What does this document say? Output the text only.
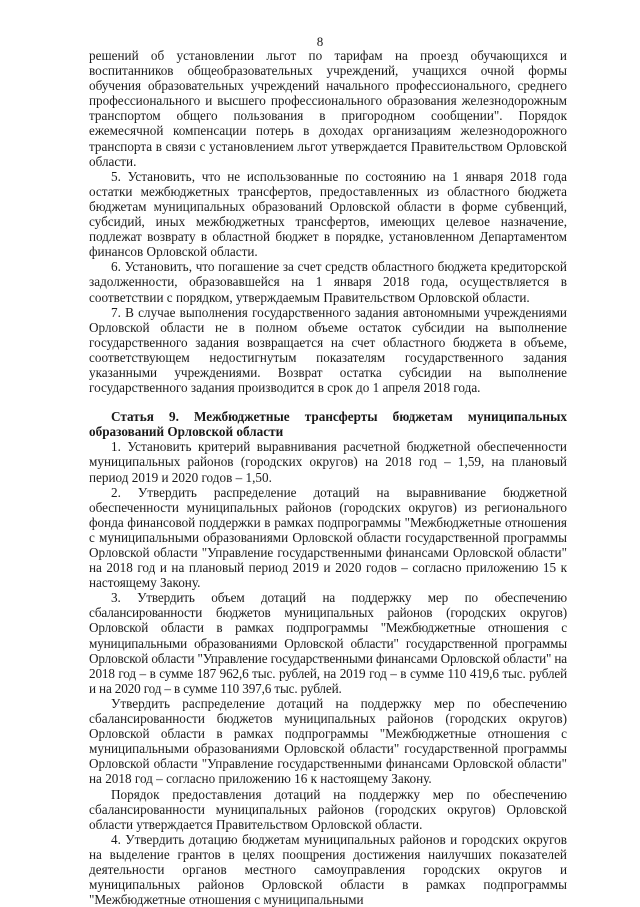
8

решений об установлении льгот по тарифам на проезд обучающихся и воспитанников общеобразовательных учреждений, учащихся очной формы обучения образовательных учреждений начального профессионального, среднего профессионального и высшего профессионального образования железнодорожным транспортом общего пользования в пригородном сообщении". Порядок ежемесячной компенсации потерь в доходах организациям железнодорожного транспорта в связи с установлением льгот утверждается Правительством Орловской области.

5. Установить, что не использованные по состоянию на 1 января 2018 года остатки межбюджетных трансфертов, предоставленных из областного бюджета бюджетам муниципальных образований Орловской области в форме субвенций, субсидий, иных межбюджетных трансфертов, имеющих целевое назначение, подлежат возврату в областной бюджет в порядке, установленном Департаментом финансов Орловской области.

6. Установить, что погашение за счет средств областного бюджета кредиторской задолженности, образовавшейся на 1 января 2018 года, осуществляется в соответствии с порядком, утверждаемым Правительством Орловской области.

7. В случае выполнения государственного задания автономными учреждениями Орловской области не в полном объеме остаток субсидии на выполнение государственного задания возвращается на счет областного бюджета в объеме, соответствующем недостигнутым показателям государственного задания указанными учреждениями. Возврат остатка субсидии на выполнение государственного задания производится в срок до 1 апреля 2018 года.

Статья 9. Межбюджетные трансферты бюджетам муниципальных образований Орловской области

1. Установить критерий выравнивания расчетной бюджетной обеспеченности муниципальных районов (городских округов) на 2018 год – 1,59, на плановый период 2019 и 2020 годов – 1,50.

2. Утвердить распределение дотаций на выравнивание бюджетной обеспеченности муниципальных районов (городских округов) из регионального фонда финансовой поддержки в рамках подпрограммы "Межбюджетные отношения с муниципальными образованиями Орловской области государственной программы Орловской области "Управление государственными финансами Орловской области" на 2018 год и на плановый период 2019 и 2020 годов – согласно приложению 15 к настоящему Закону.

3. Утвердить объем дотаций на поддержку мер по обеспечению сбалансированности бюджетов муниципальных районов (городских округов) Орловской области в рамках подпрограммы "Межбюджетные отношения с муниципальными образованиями Орловской области" государственной программы Орловской области "Управление государственными финансами Орловской области" на 2018 год – в сумме 187 962,6 тыс. рублей, на 2019 год – в сумме 110 419,6 тыс. рублей и на 2020 год – в сумме 110 397,6 тыс. рублей.

Утвердить распределение дотаций на поддержку мер по обеспечению сбалансированности бюджетов муниципальных районов (городских округов) Орловской области в рамках подпрограммы "Межбюджетные отношения с муниципальными образованиями Орловской области" государственной программы Орловской области "Управление государственными финансами Орловской области" на 2018 год – согласно приложению 16 к настоящему Закону.

Порядок предоставления дотаций на поддержку мер по обеспечению сбалансированности муниципальных районов (городских округов) Орловской области утверждается Правительством Орловской области.

4. Утвердить дотацию бюджетам муниципальных районов и городских округов на выделение грантов в целях поощрения достижения наилучших показателей деятельности органов местного самоуправления городских округов и муниципальных районов Орловской области в рамках подпрограммы "Межбюджетные отношения с муниципальными
